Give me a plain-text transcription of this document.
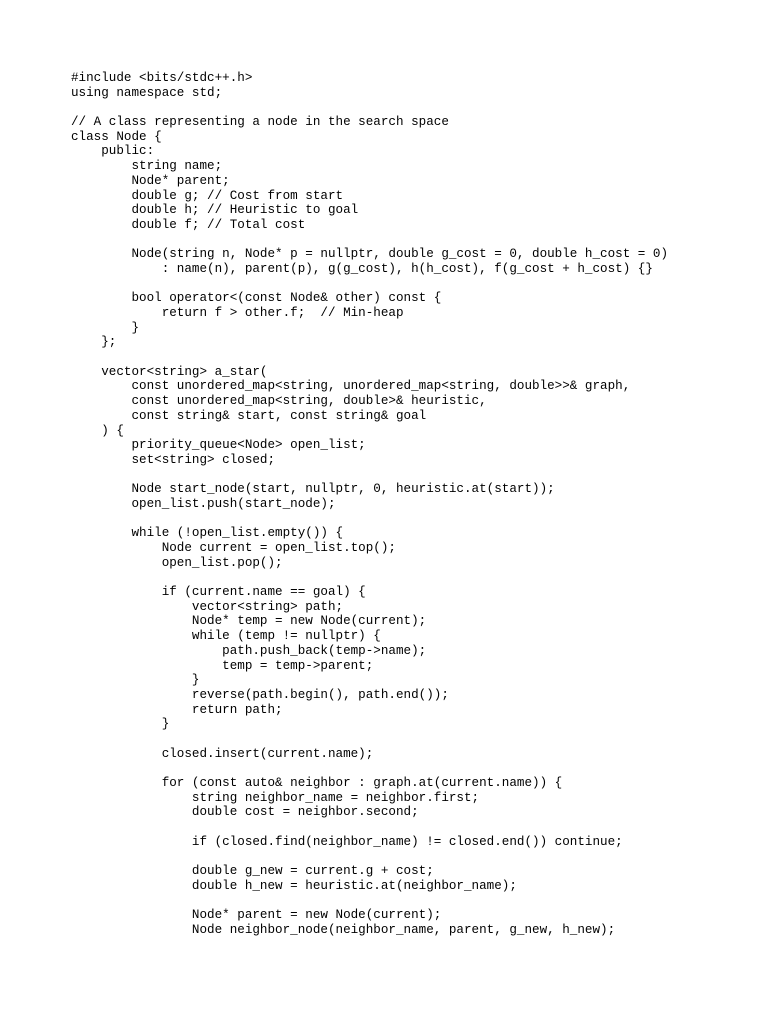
#include <bits/stdc++.h>
using namespace std;
// A class representing a node in the search space
class Node {
public:
string name;
Node* parent;
double g; // Cost from start
double h; // Heuristic to goal
double f; // Total cost
Node(string n, Node* p = nullptr, double g_cost = 0, double h_cost = 0)
: name(n), parent(p), g(g_cost), h(h_cost), f(g_cost + h_cost) {}
bool operator<(const Node& other) const {
return f > other.f;  // Min-heap
}
};
vector<string> a_star(
const unordered_map<string, unordered_map<string, double>>& graph,
const unordered_map<string, double>& heuristic,
const string& start, const string& goal
) {
priority_queue<Node> open_list;
set<string> closed;
Node start_node(start, nullptr, 0, heuristic.at(start));
open_list.push(start_node);
while (!open_list.empty()) {
Node current = open_list.top();
open_list.pop();
if (current.name == goal) {
vector<string> path;
Node* temp = new Node(current);
while (temp != nullptr) {
path.push_back(temp->name);
temp = temp->parent;
}
reverse(path.begin(), path.end());
return path;
}
closed.insert(current.name);
for (const auto& neighbor : graph.at(current.name)) {
string neighbor_name = neighbor.first;
double cost = neighbor.second;
if (closed.find(neighbor_name) != closed.end()) continue;
double g_new = current.g + cost;
double h_new = heuristic.at(neighbor_name);
Node* parent = new Node(current);
Node neighbor_node(neighbor_name, parent, g_new, h_new);
